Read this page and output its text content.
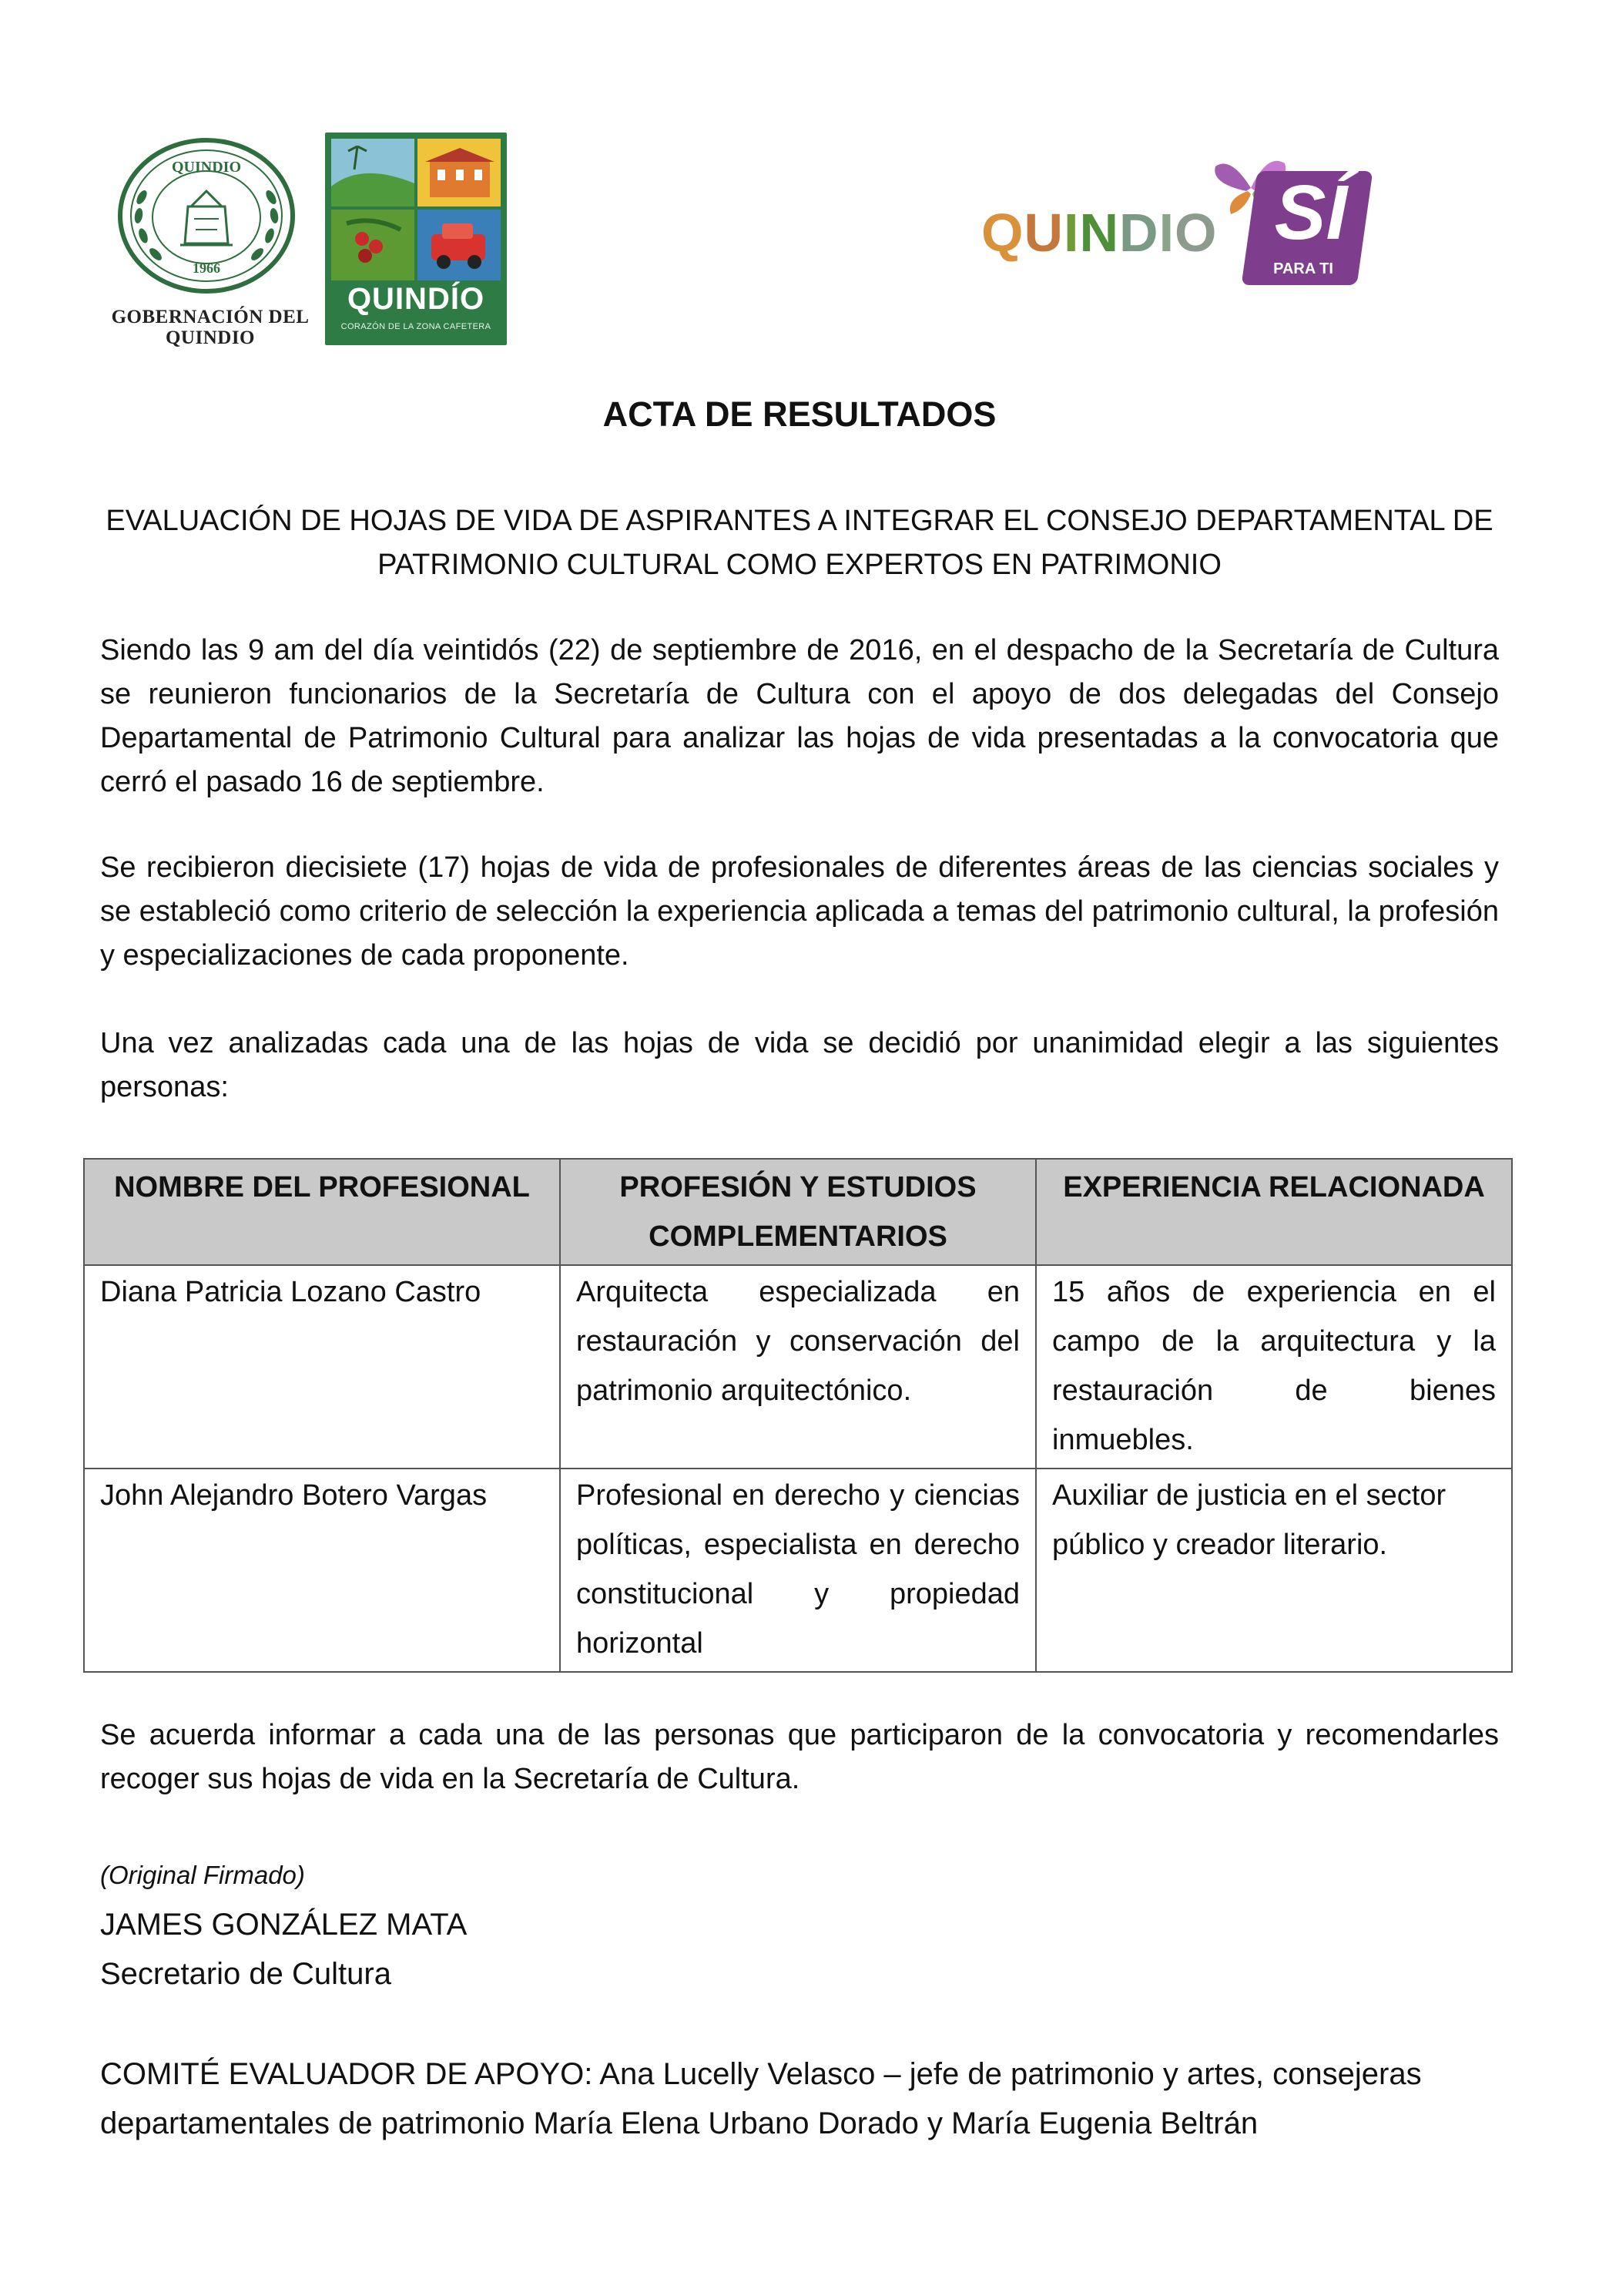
QUINDIO
1966
GOBERNACIÓN DEL
QUINDIO
QUINDÍO
CORAZÓN DE LA ZONA CAFETERA
QUINDIO SÍ
PARA TI
ACTA DE RESULTADOS
EVALUACIÓN DE HOJAS DE VIDA DE ASPIRANTES A INTEGRAR EL CONSEJO DEPARTAMENTAL DE
PATRIMONIO CULTURAL COMO EXPERTOS EN PATRIMONIO
Siendo las 9 am del día veintidós (22) de septiembre de 2016, en el despacho de la Secretaría de Cultura se reunieron funcionarios de la Secretaría de Cultura con el apoyo de dos delegadas del Consejo Departamental de Patrimonio Cultural para analizar las hojas de vida presentadas a la convocatoria que cerró el pasado 16 de septiembre.
Se recibieron diecisiete (17) hojas de vida de profesionales de diferentes áreas de las ciencias sociales y se estableció como criterio de selección la experiencia aplicada a temas del patrimonio cultural, la profesión y especializaciones de cada proponente.
Una vez analizadas cada una de las hojas de vida se decidió por unanimidad elegir a las siguientes personas:
NOMBRE DEL PROFESIONAL	PROFESIÓN Y ESTUDIOS COMPLEMENTARIOS	EXPERIENCIA RELACIONADA
Diana Patricia Lozano Castro	Arquitecta especializada en restauración y conservación del patrimonio arquitectónico.	15 años de experiencia en el campo de la arquitectura y la restauración de bienes inmuebles.
John Alejandro Botero Vargas	Profesional en derecho y ciencias políticas, especialista en derecho constitucional y propiedad horizontal	Auxiliar de justicia en el sector público y creador literario.
Se acuerda informar a cada una de las personas que participaron de la convocatoria y recomendarles recoger sus hojas de vida en la Secretaría de Cultura.
(Original Firmado)
JAMES GONZÁLEZ MATA
Secretario de Cultura
COMITÉ EVALUADOR DE APOYO: Ana Lucelly Velasco – jefe de patrimonio y artes, consejeras departamentales de patrimonio María Elena Urbano Dorado y María Eugenia Beltrán
